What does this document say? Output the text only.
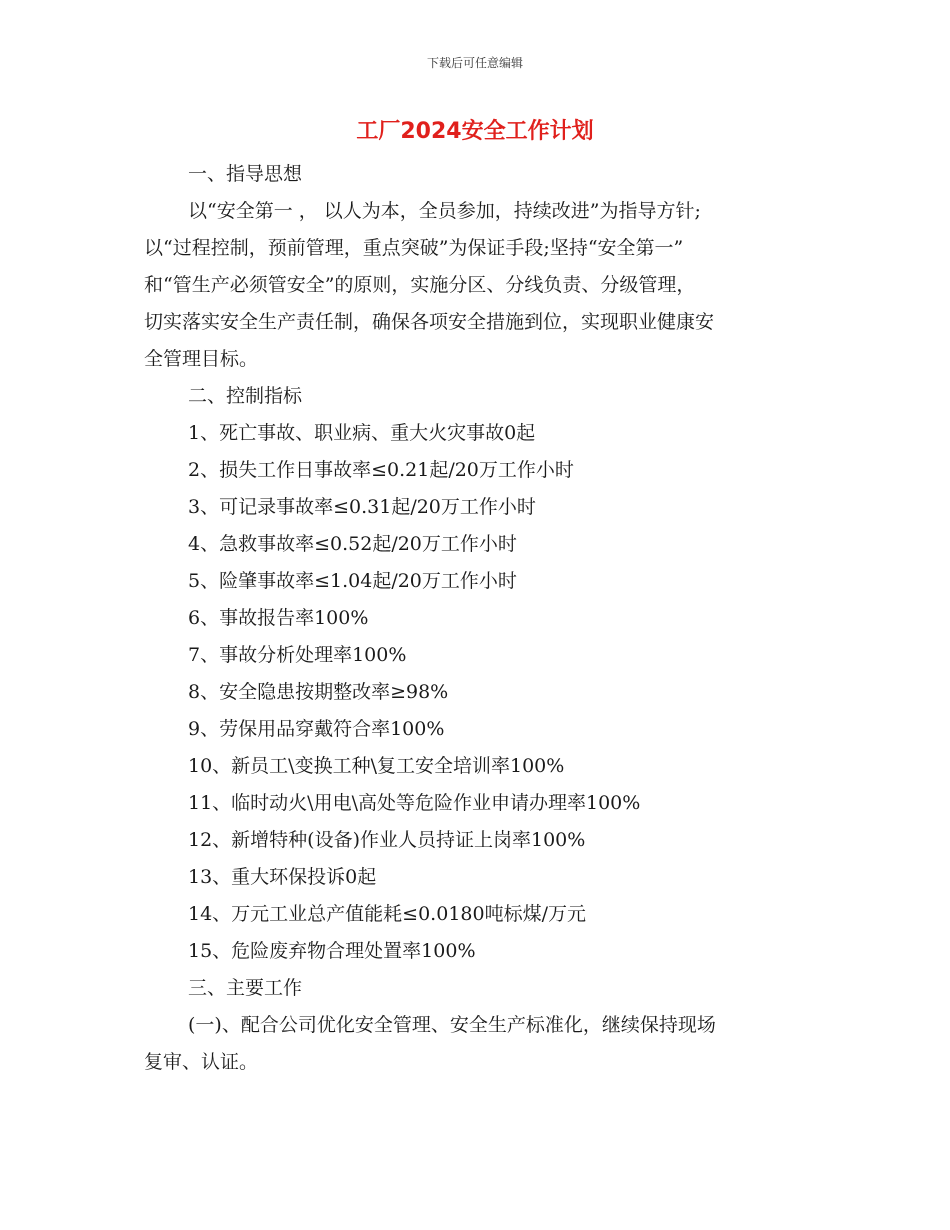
下载后可任意编辑
工厂2024安全工作计划
一、指导思想
以“安全第一 ， 以人为本，全员参加，持续改进”为指导方针;
以“过程控制，预前管理，重点突破”为保证手段;坚持“安全第一”
和“管生产必须管安全”的原则，实施分区、分线负责、分级管理，
切实落实安全生产责任制，确保各项安全措施到位，实现职业健康安
全管理目标。
二、控制指标
1、死亡事故、职业病、重大火灾事故0起
2、损失工作日事故率≤0.21起/20万工作小时
3、可记录事故率≤0.31起/20万工作小时
4、急救事故率≤0.52起/20万工作小时
5、险肇事故率≤1.04起/20万工作小时
6、事故报告率100%
7、事故分析处理率100%
8、安全隐患按期整改率≥98%
9、劳保用品穿戴符合率100%
10、新员工\变换工种\复工安全培训率100%
11、临时动火\用电\高处等危险作业申请办理率100%
12、新增特种(设备)作业人员持证上岗率100%
13、重大环保投诉0起
14、万元工业总产值能耗≤0.0180吨标煤/万元
15、危险废弃物合理处置率100%
三、主要工作
(一)、配合公司优化安全管理、安全生产标准化，继续保持现场
复审、认证。
